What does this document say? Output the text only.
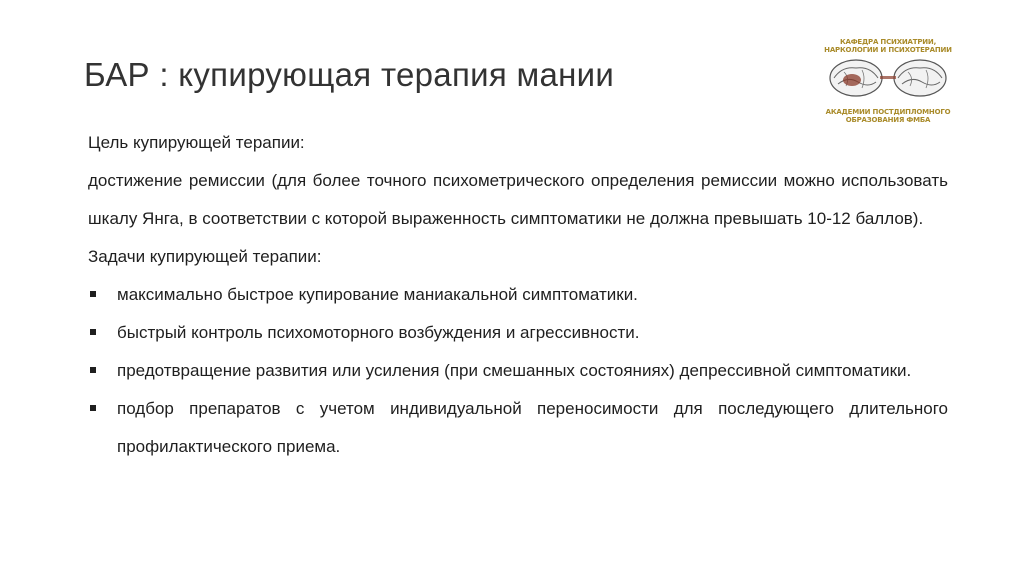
БАР : купирующая терапия мании
КАФЕДРА ПСИХИАТРИИ, НАРКОЛОГИИ И ПСИХОТЕРАПИИ
АКАДЕМИИ ПОСТДИПЛОМНОГО ОБРАЗОВАНИЯ ФМБА

Цель купирующей терапии:

достижение ремиссии (для более точного психометрического определения ремиссии можно использовать шкалу Янга, в соответствии с которой выраженность симптоматики не должна превышать 10-12 баллов).

Задачи купирующей терапии:

максимально быстрое купирование маниакальной симптоматики.
быстрый контроль психомоторного возбуждения и агрессивности.
предотвращение развития или усиления (при смешанных состояниях) депрессивной симптоматики.
подбор препаратов с учетом индивидуальной переносимости для последующего длительного профилактического приема.
